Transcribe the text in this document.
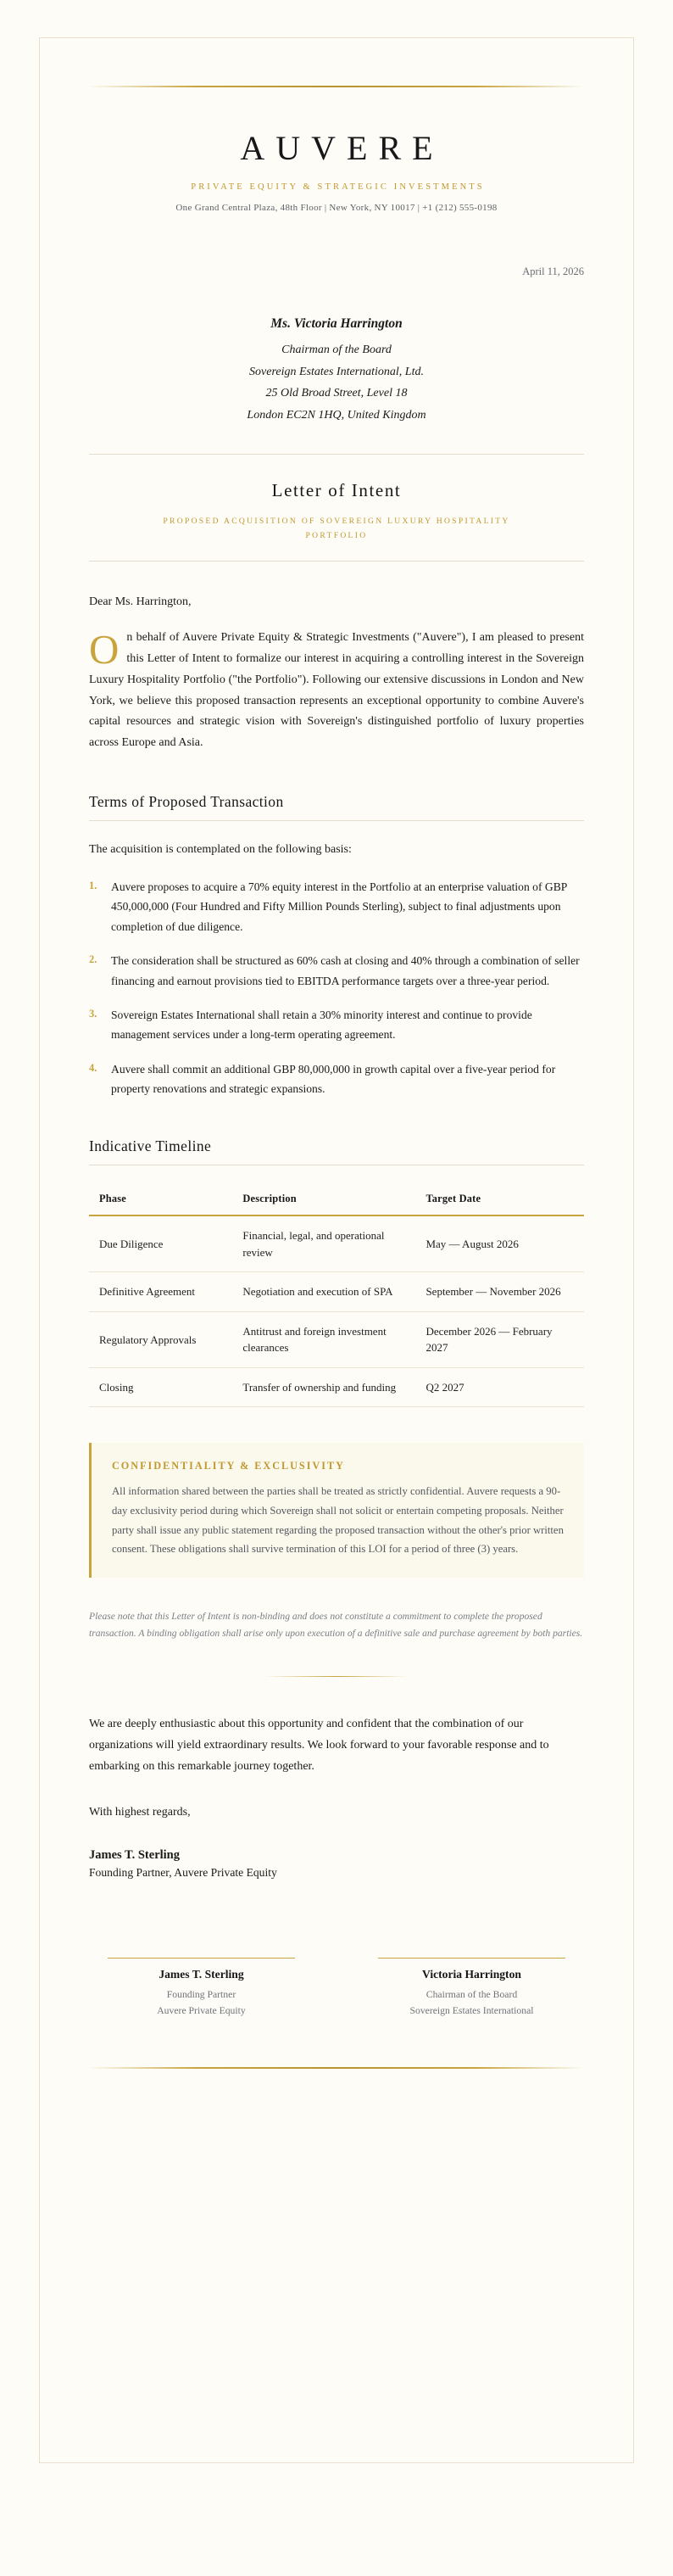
AUVERE

PRIVATE EQUITY & STRATEGIC INVESTMENTS

One Grand Central Plaza, 48th Floor | New York, NY 10017 | +1 (212) 555-0198

April 11, 2026

Ms. Victoria Harrington
Chairman of the Board
Sovereign Estates International, Ltd.
25 Old Broad Street, Level 18
London EC2N 1HQ, United Kingdom
Letter of Intent

PROPOSED ACQUISITION OF SOVEREIGN LUXURY HOSPITALITY PORTFOLIO

Dear Ms. Harrington,

On behalf of Auvere Private Equity & Strategic Investments ("Auvere"), I am pleased to present this Letter of Intent to formalize our interest in acquiring a controlling interest in the Sovereign Luxury Hospitality Portfolio ("the Portfolio"). Following our extensive discussions in London and New York, we believe this proposed transaction represents an exceptional opportunity to combine Auvere's capital resources and strategic vision with Sovereign's distinguished portfolio of luxury properties across Europe and Asia.

Terms of Proposed Transaction

The acquisition is contemplated on the following basis:

Auvere proposes to acquire a 70% equity interest in the Portfolio at an enterprise valuation of GBP 450,000,000 (Four Hundred and Fifty Million Pounds Sterling), subject to final adjustments upon completion of due diligence.
The consideration shall be structured as 60% cash at closing and 40% through a combination of seller financing and earnout provisions tied to EBITDA performance targets over a three-year period.
Sovereign Estates International shall retain a 30% minority interest and continue to provide management services under a long-term operating agreement.
Auvere shall commit an additional GBP 80,000,000 in growth capital over a five-year period for property renovations and strategic expansions.
Indicative Timeline
Phase	Description	Target Date
Due Diligence	Financial, legal, and operational review	May — August 2026
Definitive Agreement	Negotiation and execution of SPA	September — November 2026
Regulatory Approvals	Antitrust and foreign investment clearances	December 2026 — February 2027
Closing	Transfer of ownership and funding	Q2 2027

CONFIDENTIALITY & EXCLUSIVITY

All information shared between the parties shall be treated as strictly confidential. Auvere requests a 90-day exclusivity period during which Sovereign shall not solicit or entertain competing proposals. Neither party shall issue any public statement regarding the proposed transaction without the other's prior written consent. These obligations shall survive termination of this LOI for a period of three (3) years.

Please note that this Letter of Intent is non-binding and does not constitute a commitment to complete the proposed transaction. A binding obligation shall arise only upon execution of a definitive sale and purchase agreement by both parties.

We are deeply enthusiastic about this opportunity and confident that the combination of our organizations will yield extraordinary results. We look forward to your favorable response and to embarking on this remarkable journey together.

With highest regards,

James T. Sterling

Founding Partner, Auvere Private Equity

James T. Sterling

Founding Partner
Auvere Private Equity

Victoria Harrington

Chairman of the Board
Sovereign Estates International
